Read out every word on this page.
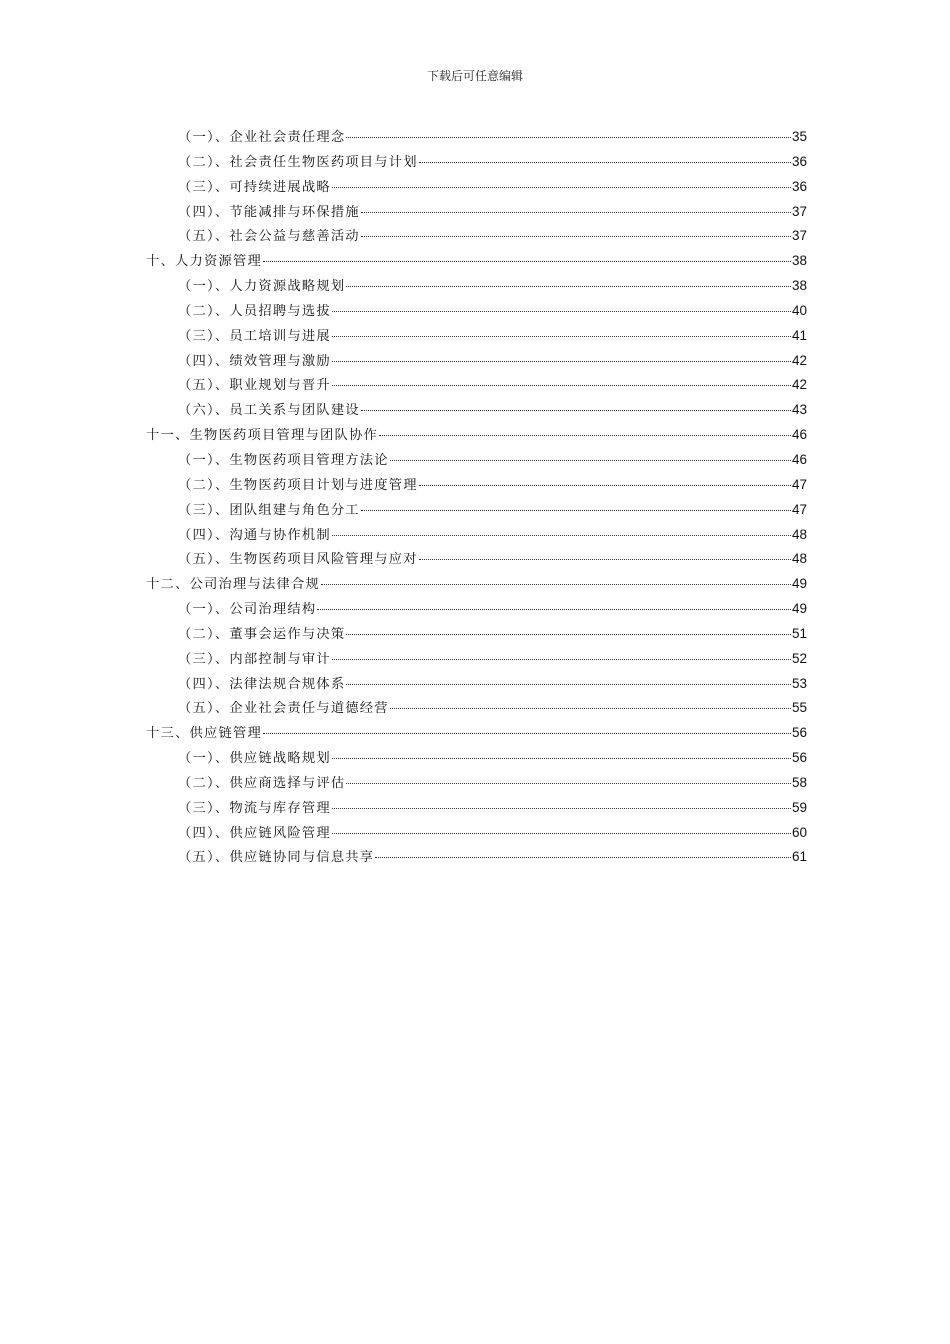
下载后可任意编辑
（一）、企业社会责任理念	35
（二）、社会责任生物医药项目与计划	36
（三）、可持续进展战略	36
（四）、节能减排与环保措施	37
（五）、社会公益与慈善活动	37
十、人力资源管理	38
（一）、人力资源战略规划	38
（二）、人员招聘与选拔	40
（三）、员工培训与进展	41
（四）、绩效管理与激励	42
（五）、职业规划与晋升	42
（六）、员工关系与团队建设	43
十一、生物医药项目管理与团队协作	46
（一）、生物医药项目管理方法论	46
（二）、生物医药项目计划与进度管理	47
（三）、团队组建与角色分工	47
（四）、沟通与协作机制	48
（五）、生物医药项目风险管理与应对	48
十二、公司治理与法律合规	49
（一）、公司治理结构	49
（二）、董事会运作与决策	51
（三）、内部控制与审计	52
（四）、法律法规合规体系	53
（五）、企业社会责任与道德经营	55
十三、供应链管理	56
（一）、供应链战略规划	56
（二）、供应商选择与评估	58
（三）、物流与库存管理	59
（四）、供应链风险管理	60
（五）、供应链协同与信息共享	61
